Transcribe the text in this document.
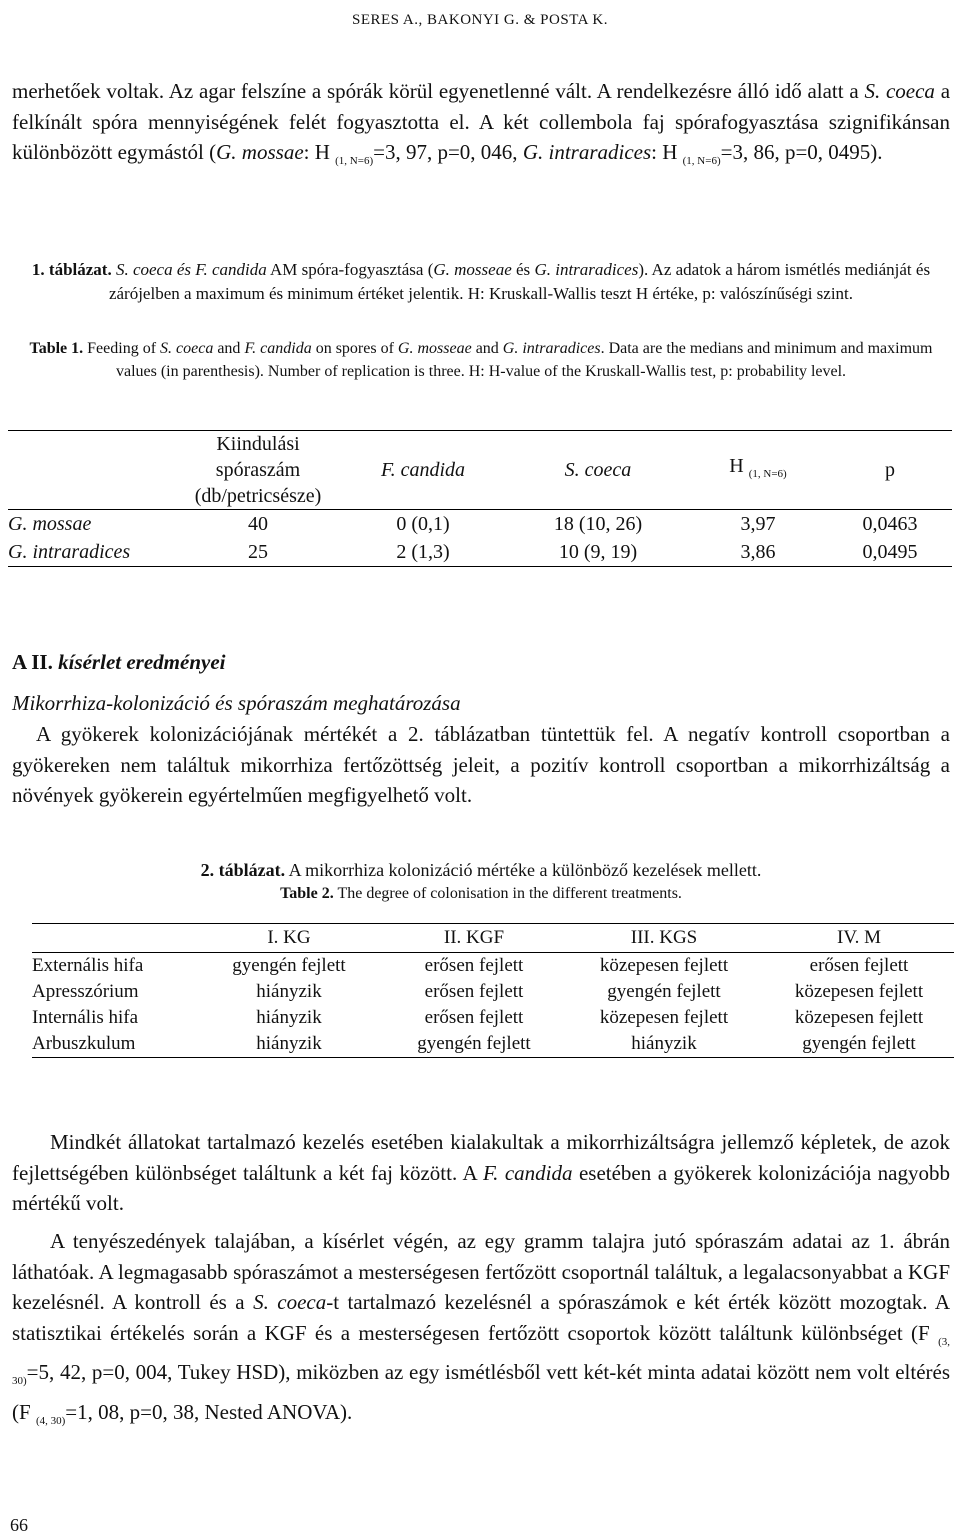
SERES A., BAKONYI G. & POSTA K.
merhetőek voltak. Az agar felszíne a spórák körül egyenetlenné vált. A rendelkezésre álló idő alatt a S. coeca a felkínált spóra mennyiségének felét fogyasztotta el. A két collembola faj spórafogyasztása szignifikánsan különbözött egymástól (G. mossae: H $_{(1, N=6)}$=3, 97, p=0, 046, G. intraradices: H $_{(1, N=6)}$=3, 86, p=0, 0495).
1. táblázat. S. coeca és F. candida AM spóra-fogyasztása (G. mosseae és G. intraradices). Az adatok a három ismétlés mediánját és zárójelben a maximum és minimum értéket jelentik. H: Kruskall-Wallis teszt H értéke, p: valószínűségi szint.
Table 1. Feeding of S. coeca and F. candida on spores of G. mosseae and G. intraradices. Data are the medians and minimum and maximum values (in parenthesis). Number of replication is three. H: H-value of the Kruskall-Wallis test, p: probability level.
	Kiindulási
spóraszám
(db/petricsésze)	F. candida	S. coeca	H $_{(1, N=6)}$	p
G. mossae	40	0 (0,1)	18 (10, 26)	3,97	0,0463
G. intraradices	25	2 (1,3)	10 (9, 19)	3,86	0,0495
A II. kísérlet eredményei
Mikorrhiza-kolonizáció és spóraszám meghatározása
A gyökerek kolonizációjának mértékét a 2. táblázatban tüntettük fel. A negatív kontroll csoportban a gyökereken nem találtuk mikorrhiza fertőzöttség jeleit, a pozitív kontroll csoportban a mikorrhizáltság a növények gyökerein egyértelműen megfigyelhető volt.
2. táblázat. A mikorrhiza kolonizáció mértéke a különböző kezelések mellett.
Table 2. The degree of colonisation in the different treatments.
	I. KG	II. KGF	III. KGS	IV. M
Externális hifa	gyengén fejlett	erősen fejlett	közepesen fejlett	erősen fejlett
Apresszórium	hiányzik	erősen fejlett	gyengén fejlett	közepesen fejlett
Internális hifa	hiányzik	erősen fejlett	közepesen fejlett	közepesen fejlett
Arbuszkulum	hiányzik	gyengén fejlett	hiányzik	gyengén fejlett
Mindkét állatokat tartalmazó kezelés esetében kialakultak a mikorrhizáltságra jellemző képletek, de azok fejlettségében különbséget találtunk a két faj között. A F. candida esetében a gyökerek kolonizációja nagyobb mértékű volt.
A tenyészedények talajában, a kísérlet végén, az egy gramm talajra jutó spóraszám adatai az 1. ábrán láthatóak. A legmagasabb spóraszámot a mesterségesen fertőzött csoportnál találtuk, a legalacsonyabbat a KGF kezelésnél. A kontroll és a S. coeca-t tartalmazó kezelésnél a spóraszámok e két érték között mozogtak. A statisztikai értékelés során a KGF és a mesterségesen fertőzött csoportok között találtunk különbséget (F $_{(3, 30)}$=5, 42, p=0, 004, Tukey HSD), miközben az egy ismétlésből vett két-két minta adatai között nem volt eltérés (F $_{(4, 30)}$=1, 08, p=0, 38, Nested ANOVA).
66
